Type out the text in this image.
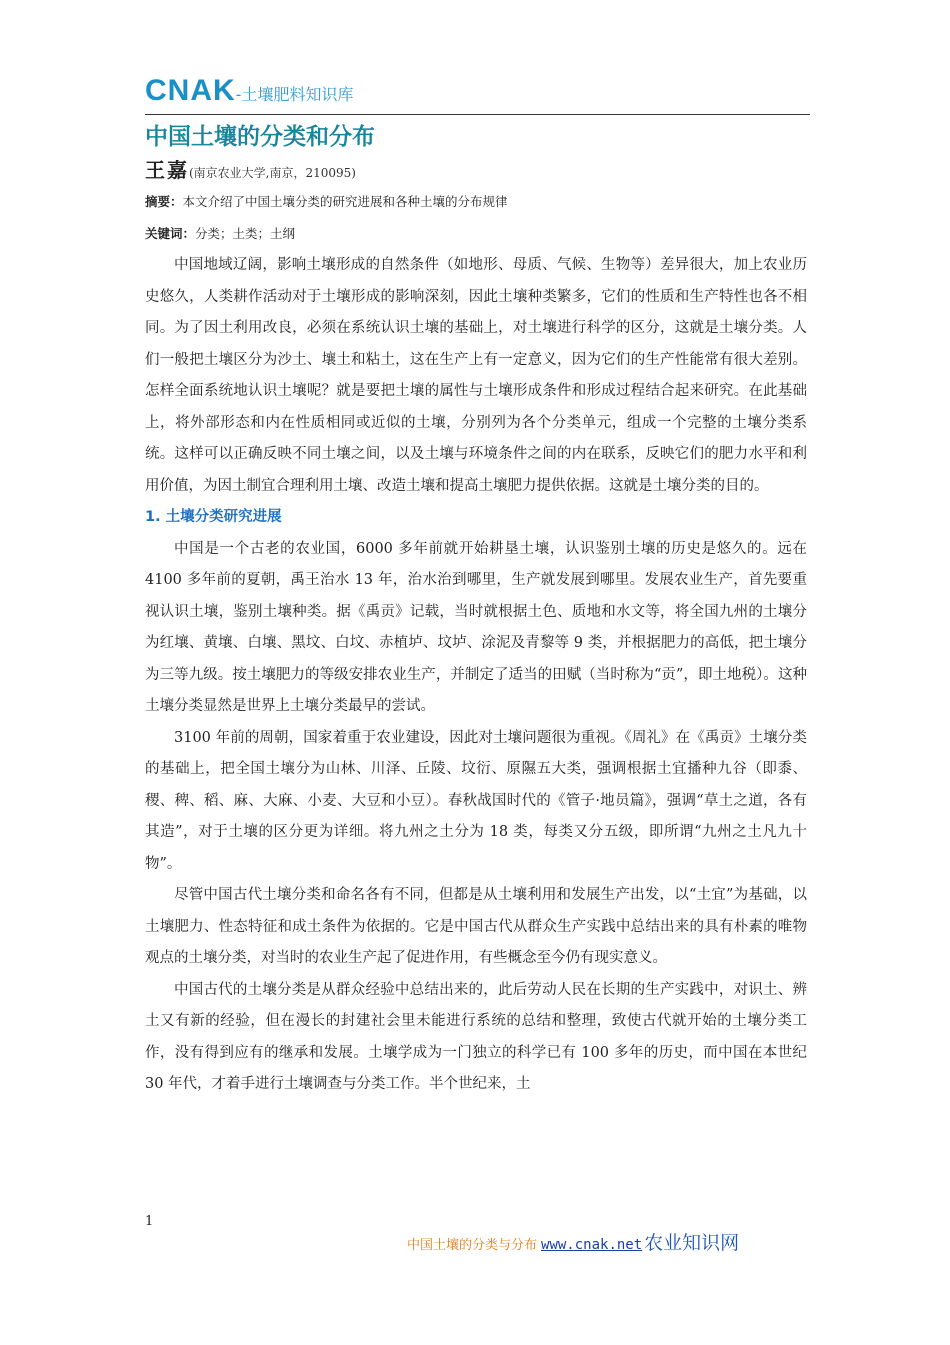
CNAK-土壤肥料知识库
中国土壤的分类和分布
王嘉(南京农业大学,南京，210095)
摘要：本文介绍了中国土壤分类的研究进展和各种土壤的分布规律
关键词：分类；土类；土纲

中国地域辽阔，影响土壤形成的自然条件（如地形、母质、气候、生物等）差异很大，加上农业历史悠久，人类耕作活动对于土壤形成的影响深刻，因此土壤种类繁多，它们的性质和生产特性也各不相同。为了因土利用改良，必须在系统认识土壤的基础上，对土壤进行科学的区分，这就是土壤分类。人们一般把土壤区分为沙土、壤土和粘土，这在生产上有一定意义，因为它们的生产性能常有很大差别。怎样全面系统地认识土壤呢？就是要把土壤的属性与土壤形成条件和形成过程结合起来研究。在此基础上，将外部形态和内在性质相同或近似的土壤，分别列为各个分类单元，组成一个完整的土壤分类系统。这样可以正确反映不同土壤之间，以及土壤与环境条件之间的内在联系，反映它们的肥力水平和利用价值，为因土制宜合理利用土壤、改造土壤和提高土壤肥力提供依据。这就是土壤分类的目的。

1. 土壤分类研究进展

中国是一个古老的农业国，6000 多年前就开始耕垦土壤，认识鉴别土壤的历史是悠久的。远在 4100 多年前的夏朝，禹王治水 13 年，治水治到哪里，生产就发展到哪里。发展农业生产，首先要重视认识土壤，鉴别土壤种类。据《禹贡》记载，当时就根据土色、质地和水文等，将全国九州的土壤分为红壤、黄壤、白壤、黑坟、白坟、赤植垆、坟垆、涂泥及青黎等 9 类，并根据肥力的高低，把土壤分为三等九级。按土壤肥力的等级安排农业生产，并制定了适当的田赋（当时称为“贡”，即土地税）。这种土壤分类显然是世界上土壤分类最早的尝试。

3100 年前的周朝，国家着重于农业建设，因此对土壤问题很为重视。《周礼》在《禹贡》土壤分类的基础上，把全国土壤分为山林、川泽、丘陵、坟衍、原隰五大类，强调根据土宜播种九谷（即黍、稷、稗、稻、麻、大麻、小麦、大豆和小豆）。春秋战国时代的《管子·地员篇》，强调“草土之道，各有其造”，对于土壤的区分更为详细。将九州之土分为 18 类，每类又分五级，即所谓“九州之土凡九十物”。

尽管中国古代土壤分类和命名各有不同，但都是从土壤利用和发展生产出发，以“土宜”为基础，以土壤肥力、性态特征和成土条件为依据的。它是中国古代从群众生产实践中总结出来的具有朴素的唯物观点的土壤分类，对当时的农业生产起了促进作用，有些概念至今仍有现实意义。

中国古代的土壤分类是从群众经验中总结出来的，此后劳动人民在长期的生产实践中，对识土、辨土又有新的经验，但在漫长的封建社会里未能进行系统的总结和整理，致使古代就开始的土壤分类工作，没有得到应有的继承和发展。土壤学成为一门独立的科学已有 100 多年的历史，而中国在本世纪 30 年代，才着手进行土壤调查与分类工作。半个世纪来，土

1
中国土壤的分类与分布 www.cnak.net 农业知识网
